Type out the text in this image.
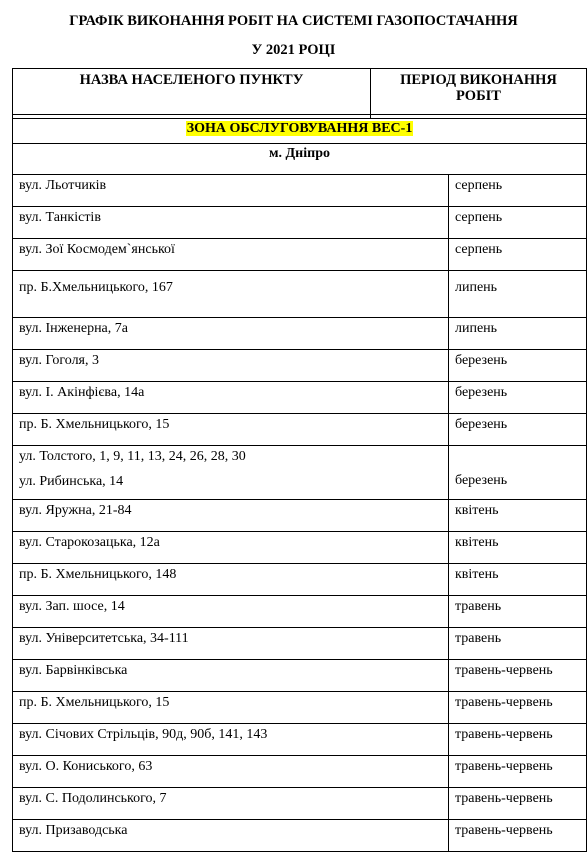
ГРАФІК ВИКОНАННЯ РОБІТ НА СИСТЕМІ ГАЗОПОСТАЧАННЯ
У 2021 РОЦІ
НАЗВА НАСЕЛЕНОГО ПУНКТУ	ПЕРІОД ВИКОНАННЯ
РОБІТ
ЗОНА ОБСЛУГОВУВАННЯ ВЕС-1	
м. Дніпро	
вул. Льотчиків	серпень
вул. Танкістів	серпень
вул. Зої Космодем`янської	серпень
пр. Б.Хмельницького, 167	липень
вул. Інженерна, 7а	липень
вул. Гоголя, 3	березень
вул. І. Акінфієва, 14а	березень
пр. Б. Хмельницького, 15	березень

ул. Толстого, 1, 9, 11, 13, 24, 26, 28, 30
ул. Рибинська, 14	березень

вул. Яружна, 21-84	квітень
вул. Старокозацька, 12а	квітень
пр. Б. Хмельницького, 148	квітень
вул. Зап. шосе, 14	травень
вул. Університетська, 34-111	травень
вул. Барвінківська	травень-червень
пр. Б. Хмельницького, 15	травень-червень
вул. Січових Стрільців, 90д, 90б, 141, 143	травень-червень
вул. О. Кониського, 63	травень-червень
вул. С. Подолинського, 7	травень-червень
вул. Призаводська	травень-червень
